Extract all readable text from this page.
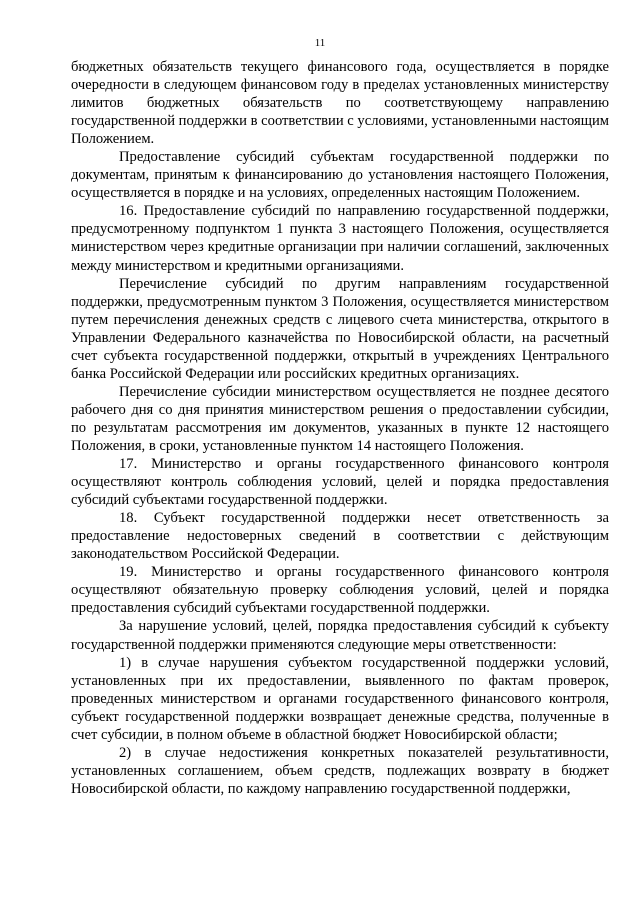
11

бюджетных обязательств текущего финансового года, осуществляется в порядке очередности в следующем финансовом году в пределах установленных министерству лимитов бюджетных обязательств по соответствующему направлению государственной поддержки в соответствии с условиями, установленными настоящим Положением.

Предоставление субсидий субъектам государственной поддержки по документам, принятым к финансированию до установления настоящего Положения, осуществляется в порядке и на условиях, определенных настоящим Положением.

16. Предоставление субсидий по направлению государственной поддержки, предусмотренному подпунктом 1 пункта 3 настоящего Положения, осуществляется министерством через кредитные организации при наличии соглашений, заключенных между министерством и кредитными организациями.

Перечисление субсидий по другим направлениям государственной поддержки, предусмотренным пунктом 3 Положения, осуществляется министерством путем перечисления денежных средств с лицевого счета министерства, открытого в Управлении Федерального казначейства по Новосибирской области, на расчетный счет субъекта государственной поддержки, открытый в учреждениях Центрального банка Российской Федерации или российских кредитных организациях.

Перечисление субсидии министерством осуществляется не позднее десятого рабочего дня со дня принятия министерством решения о предоставлении субсидии, по результатам рассмотрения им документов, указанных в пункте 12 настоящего Положения, в сроки, установленные пунктом 14 настоящего Положения.

17. Министерство и органы государственного финансового контроля осуществляют контроль соблюдения условий, целей и порядка предоставления субсидий субъектами государственной поддержки.

18. Субъект государственной поддержки несет ответственность за предоставление недостоверных сведений в соответствии с действующим законодательством Российской Федерации.

19. Министерство и органы государственного финансового контроля осуществляют обязательную проверку соблюдения условий, целей и порядка предоставления субсидий субъектами государственной поддержки.

За нарушение условий, целей, порядка предоставления субсидий к субъекту государственной поддержки применяются следующие меры ответственности:

1) в случае нарушения субъектом государственной поддержки условий, установленных при их предоставлении, выявленного по фактам проверок, проведенных министерством и органами государственного финансового контроля, субъект государственной поддержки возвращает денежные средства, полученные в счет субсидии, в полном объеме в областной бюджет Новосибирской области;

2) в случае недостижения конкретных показателей результативности, установленных соглашением, объем средств, подлежащих возврату в бюджет Новосибирской области, по каждому направлению государственной поддержки,
